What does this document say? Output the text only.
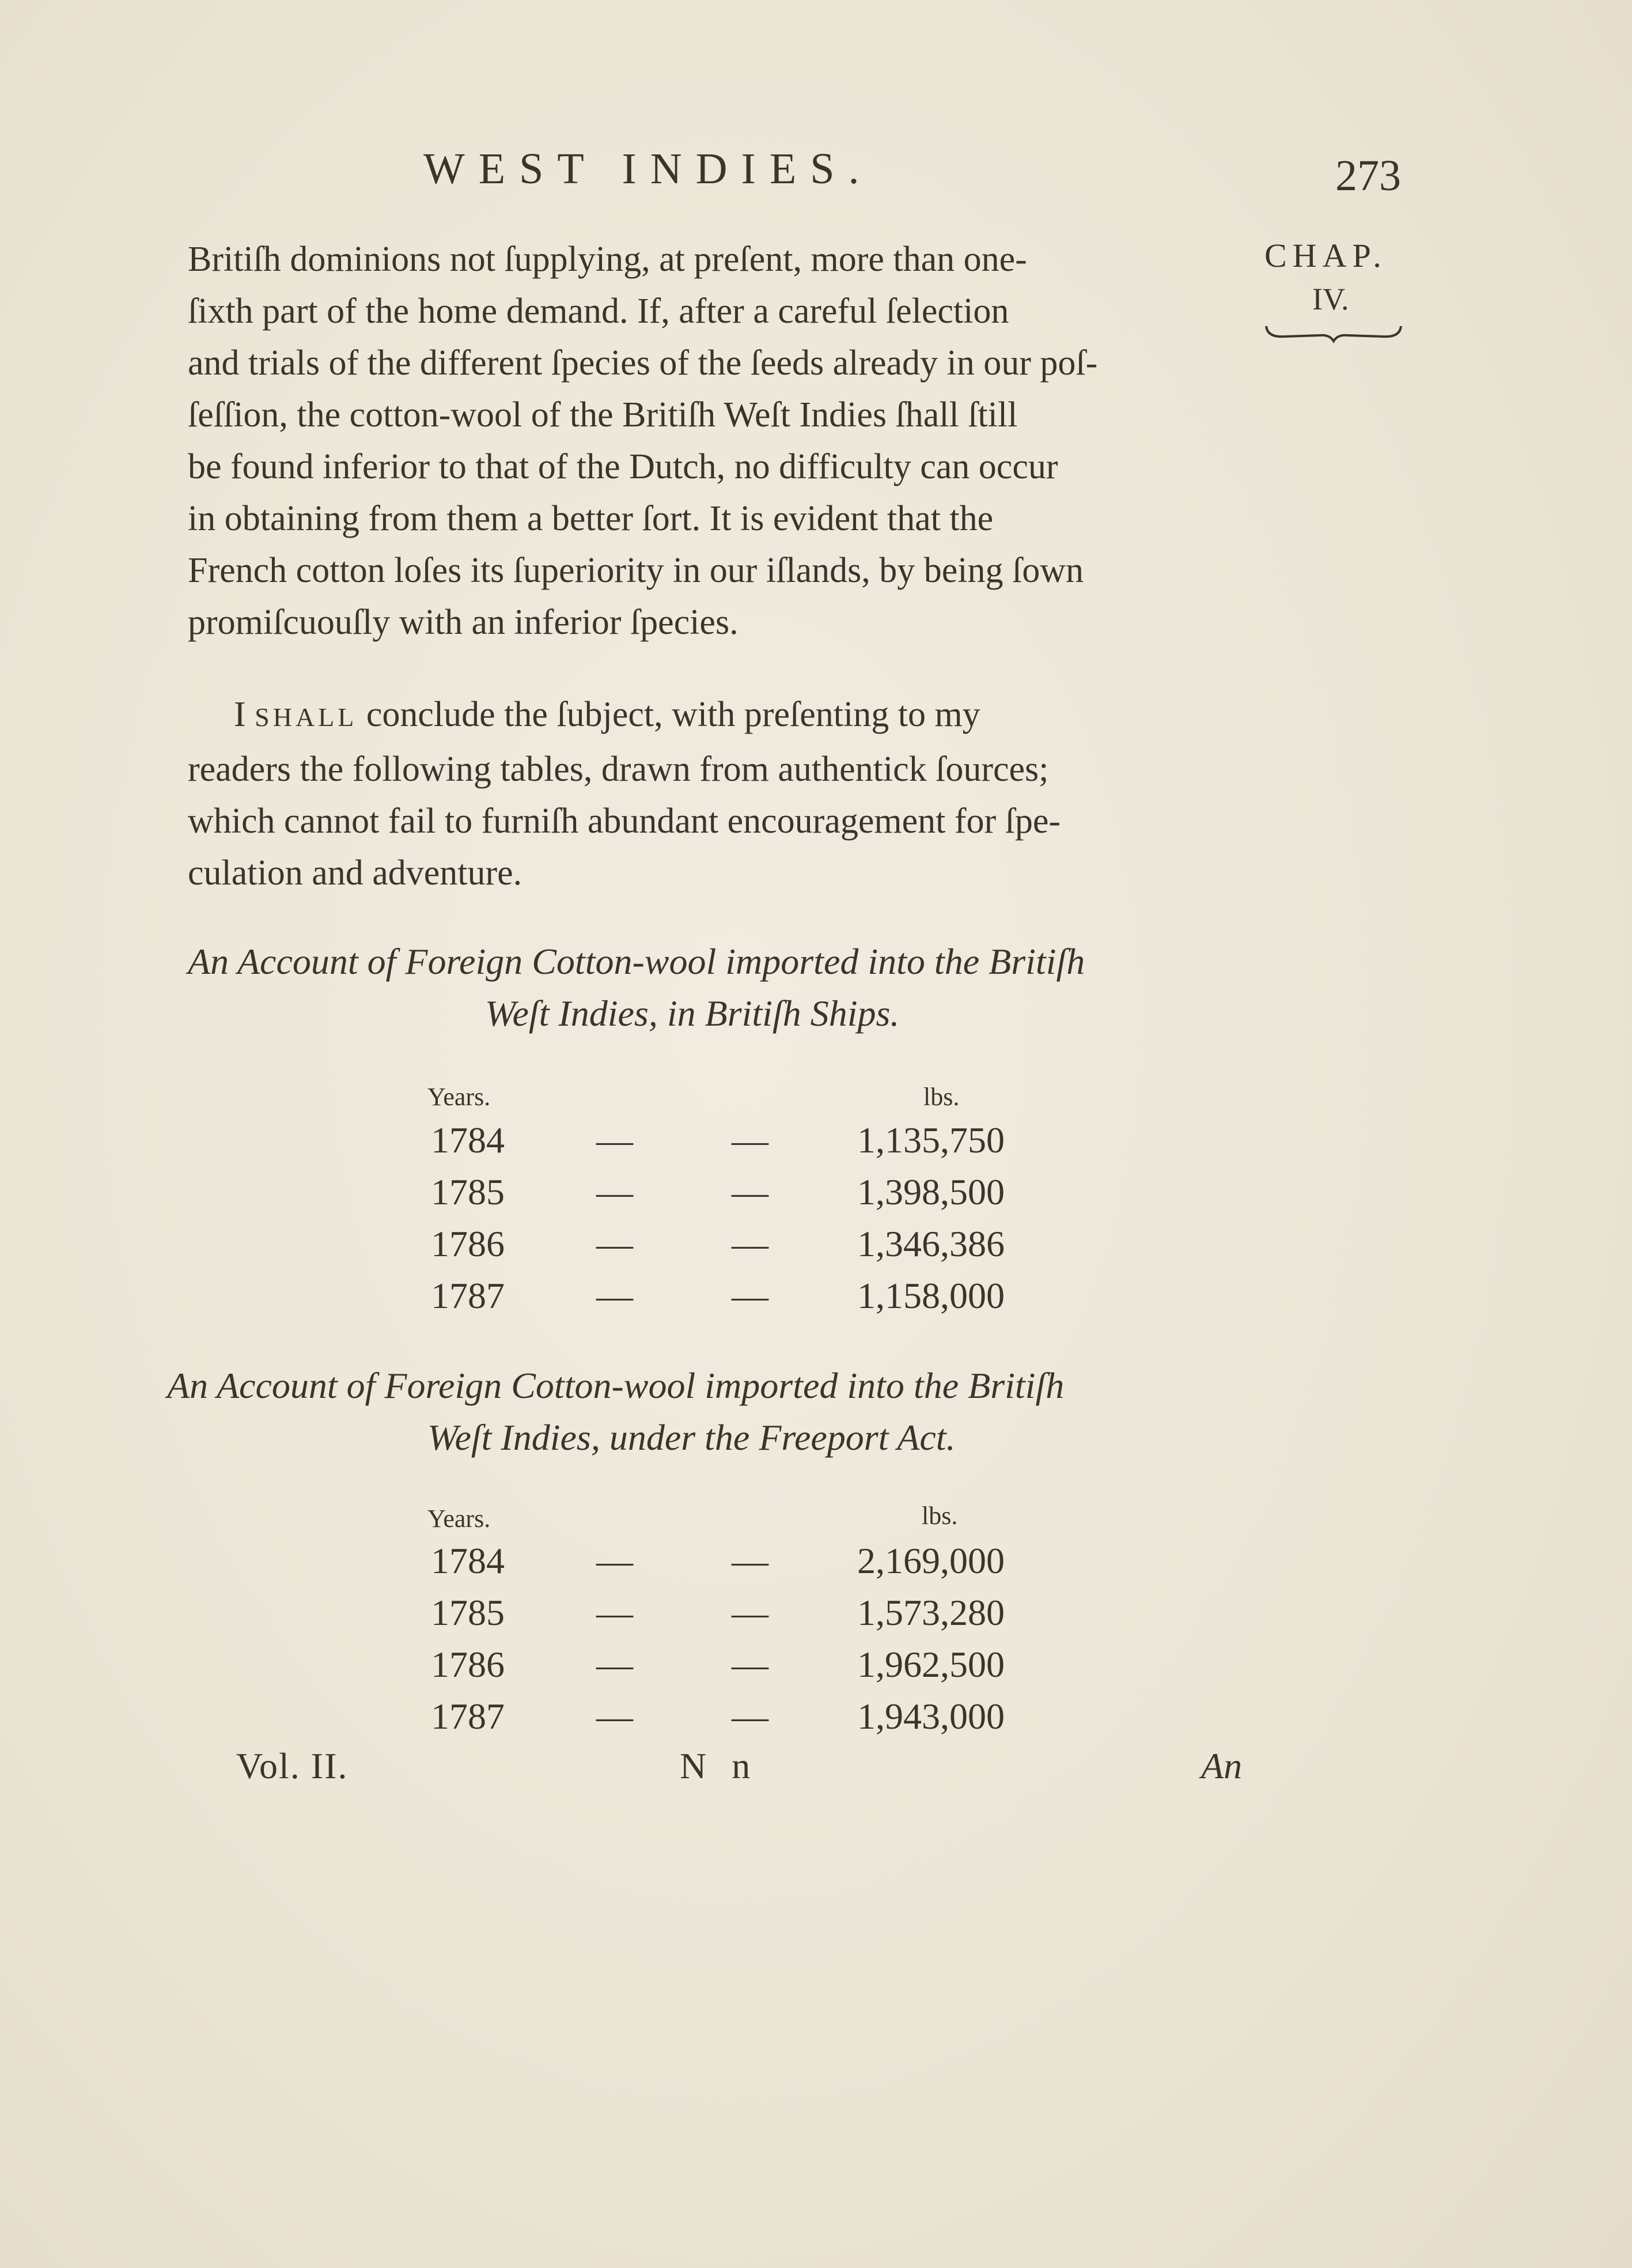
WEST INDIES.	273
CHAP.
IV.
Britiſh dominions not ſupplying, at preſent, more than one-
ſixth part of the home demand. If, after a careful ſelection
and trials of the different ſpecies of the ſeeds already in our poſ-
ſeſſion, the cotton-wool of the Britiſh Weſt Indies ſhall ſtill
be found inferior to that of the Dutch, no difficulty can occur
in obtaining from them a better ſort. It is evident that the
French cotton loſes its ſuperiority in our iſlands, by being ſown
promiſcuouſly with an inferior ſpecies.
I SHALL conclude the ſubject, with preſenting to my
readers the following tables, drawn from authentick ſources;
which cannot fail to furniſh abundant encouragement for ſpe-
culation and adventure.
An Account of Foreign Cotton-wool imported into the Britiſh
Weſt Indies, in Britiſh Ships.
Years.	lbs.
1784 —	— 1,135,750
1785 —	— 1,398,500
1786 —	— 1,346,386
1787 —	— 1,158,000
An Account of Foreign Cotton-wool imported into the Britiſh
Weſt Indies, under the Freeport Act.
Years.	lbs.
1784 —	— 2,169,000
1785 —	— 1,573,280
1786 —	— 1,962,500
1787 —	— 1,943,000
Vol. II.	N n	An
